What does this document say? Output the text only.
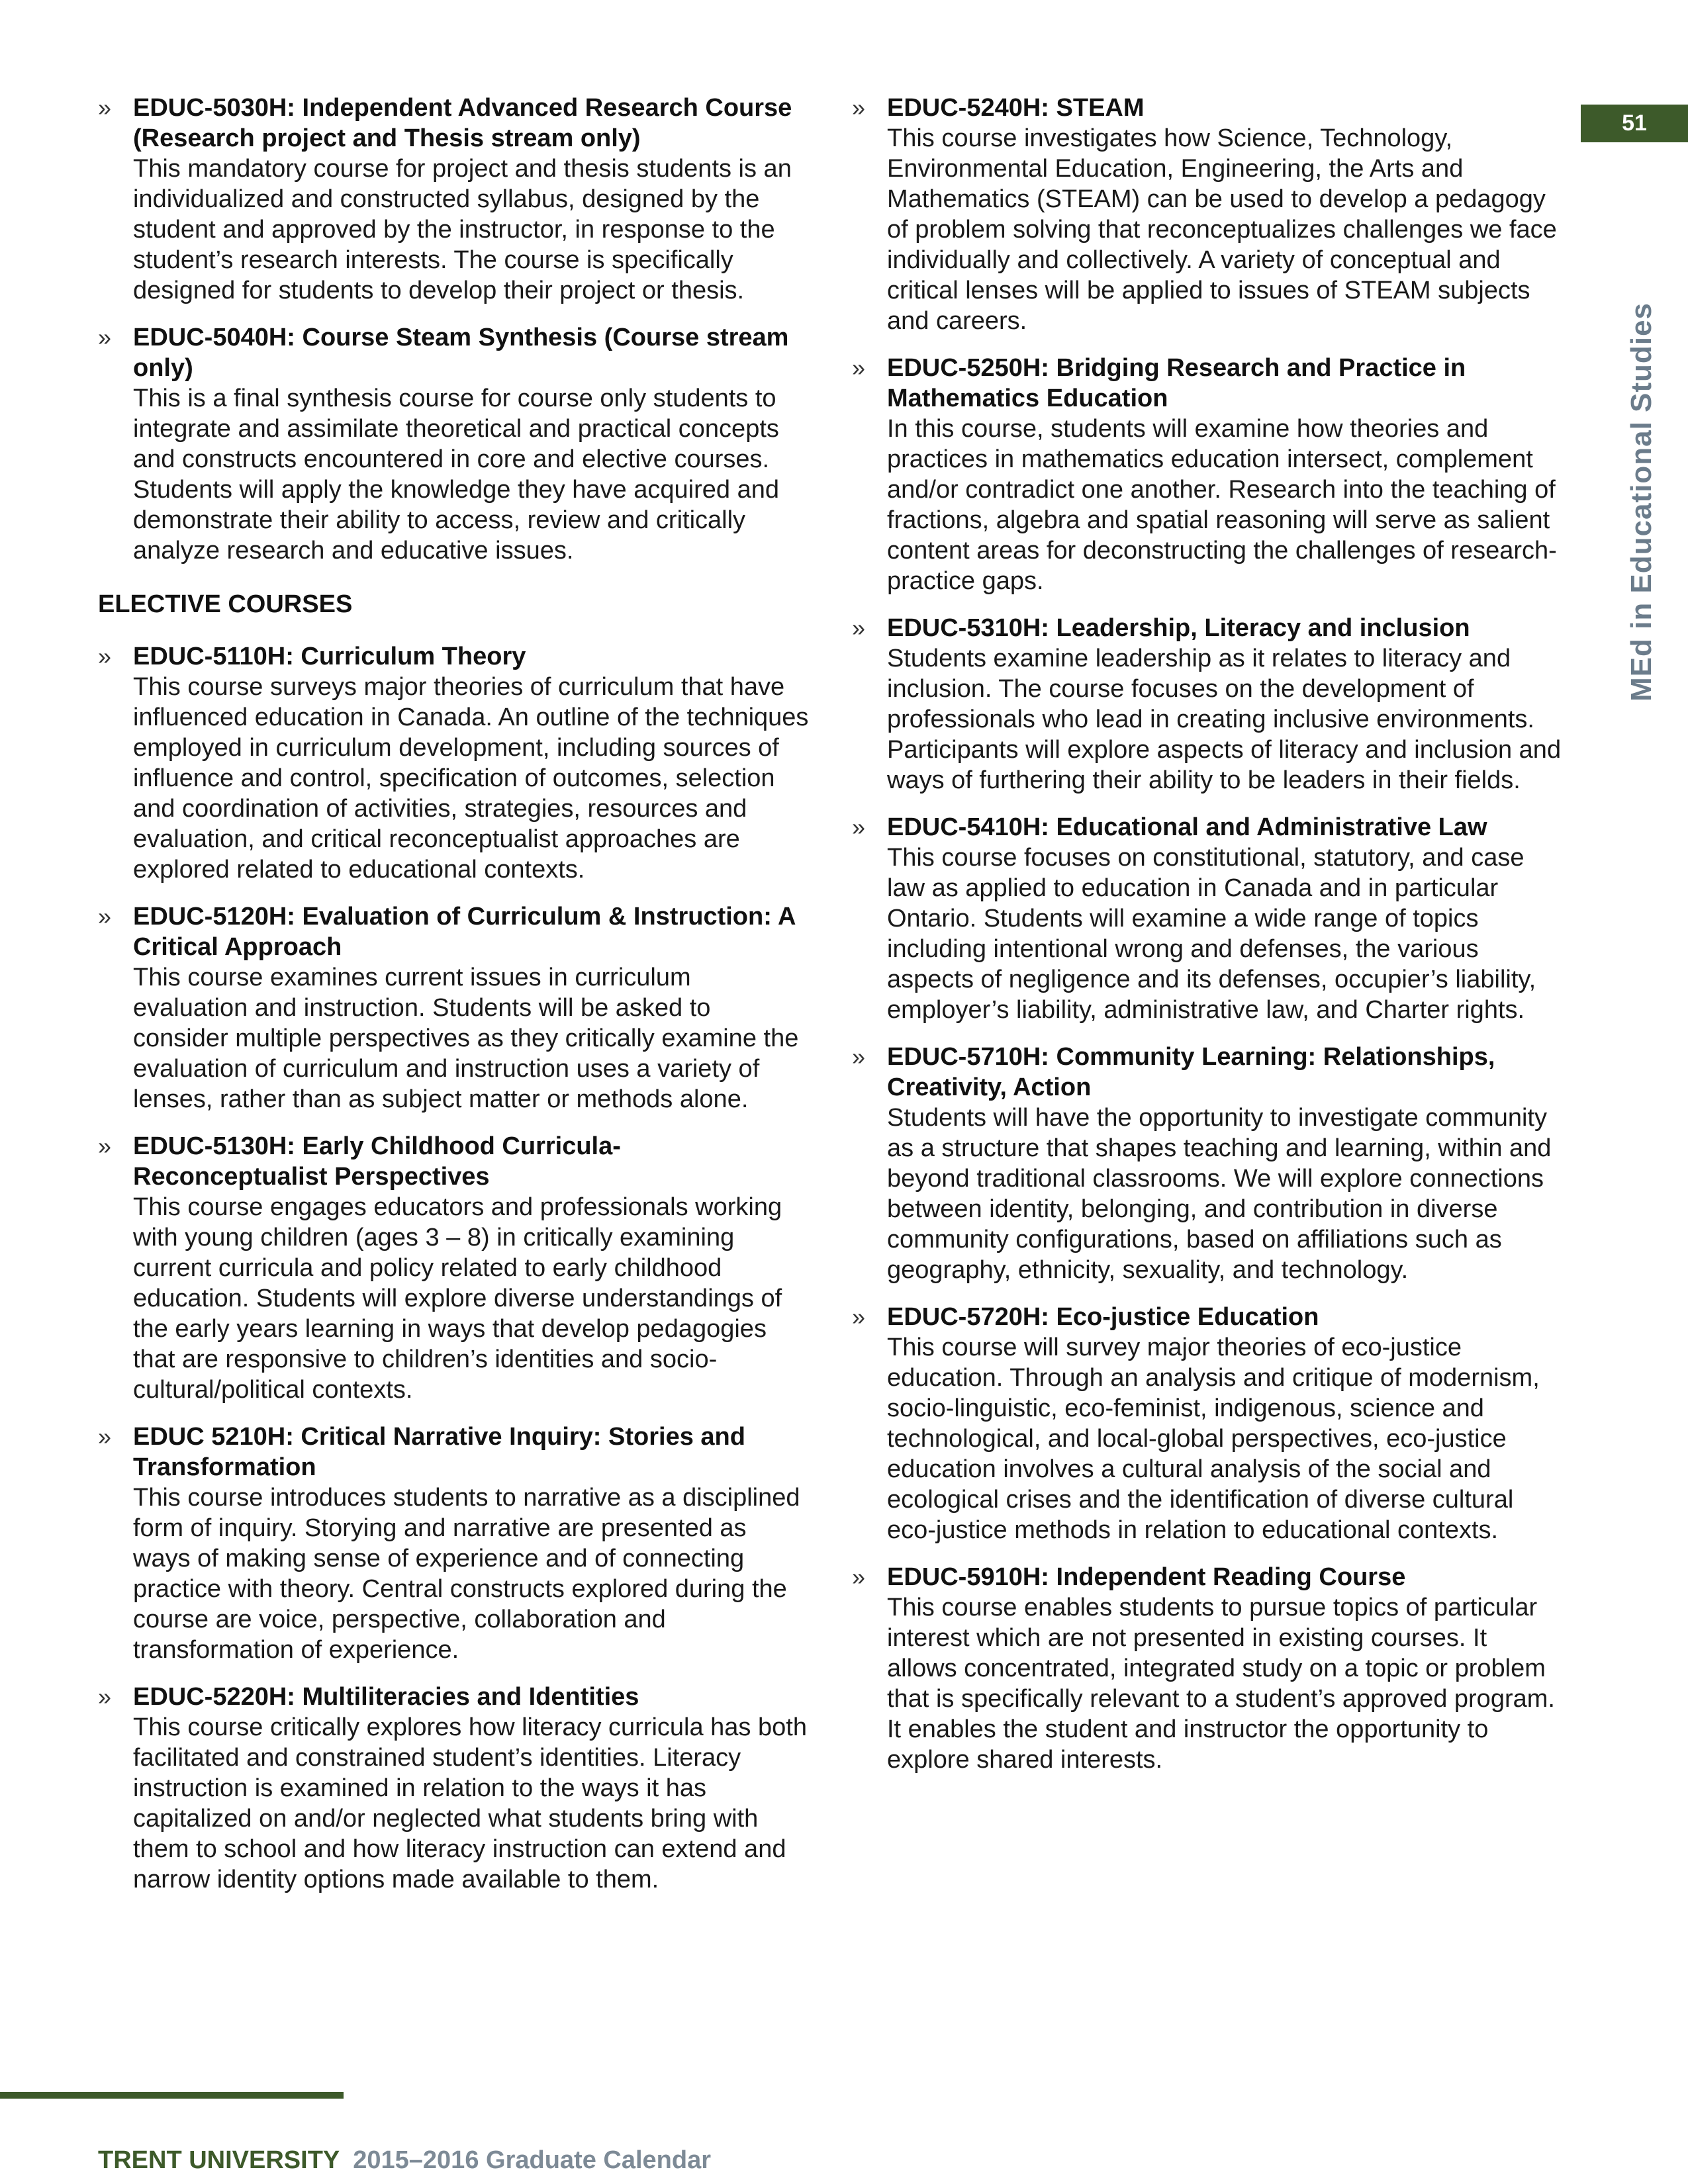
51
MEd in Educational Studies
» EDUC-5030H: Independent Advanced Research Course (Research project and Thesis stream only)
This mandatory course for project and thesis students is an individualized and constructed syllabus, designed by the student and approved by the instructor, in response to the student’s research interests. The course is specifically designed for students to develop their project or thesis.
» EDUC-5040H: Course Steam Synthesis (Course stream only)
This is a final synthesis course for course only students to integrate and assimilate theoretical and practical concepts and constructs encountered in core and elective courses. Students will apply the knowledge they have acquired and demonstrate their ability to access, review and critically analyze research and educative issues.
ELECTIVE COURSES
» EDUC-5110H: Curriculum Theory
This course surveys major theories of curriculum that have influenced education in Canada. An outline of the techniques employed in curriculum development, including sources of influence and control, specification of outcomes, selection and coordination of activities, strategies, resources and evaluation, and critical reconceptualist approaches are explored related to educational contexts.
» EDUC-5120H: Evaluation of Curriculum & Instruction: A Critical Approach
This course examines current issues in curriculum evaluation and instruction. Students will be asked to consider multiple perspectives as they critically examine the evaluation of curriculum and instruction uses a variety of lenses, rather than as subject matter or methods alone.
» EDUC-5130H: Early Childhood Curricula-Reconceptualist Perspectives
This course engages educators and professionals working with young children (ages 3 – 8) in critically examining current curricula and policy related to early childhood education. Students will explore diverse understandings of the early years learning in ways that develop pedagogies that are responsive to children’s identities and socio-cultural/political contexts.
» EDUC 5210H: Critical Narrative Inquiry: Stories and Transformation
This course introduces students to narrative as a disciplined form of inquiry. Storying and narrative are presented as ways of making sense of experience and of connecting practice with theory. Central constructs explored during the course are voice, perspective, collaboration and transformation of experience.
» EDUC-5220H: Multiliteracies and Identities
This course critically explores how literacy curricula has both facilitated and constrained student’s identities. Literacy instruction is examined in relation to the ways it has capitalized on and/or neglected what students bring with them to school and how literacy instruction can extend and narrow identity options made available to them.
» EDUC-5240H: STEAM
This course investigates how Science, Technology, Environmental Education, Engineering, the Arts and Mathematics (STEAM) can be used to develop a pedagogy of problem solving that reconceptualizes challenges we face individually and collectively. A variety of conceptual and critical lenses will be applied to issues of STEAM subjects and careers.
» EDUC-5250H: Bridging Research and Practice in Mathematics Education
In this course, students will examine how theories and practices in mathematics education intersect, complement and/or contradict one another. Research into the teaching of fractions, algebra and spatial reasoning will serve as salient content areas for deconstructing the challenges of research-practice gaps.
» EDUC-5310H: Leadership, Literacy and inclusion
Students examine leadership as it relates to literacy and inclusion. The course focuses on the development of professionals who lead in creating inclusive environments. Participants will explore aspects of literacy and inclusion and ways of furthering their ability to be leaders in their fields.
» EDUC-5410H: Educational and Administrative Law
This course focuses on constitutional, statutory, and case law as applied to education in Canada and in particular Ontario. Students will examine a wide range of topics including intentional wrong and defenses, the various aspects of negligence and its defenses, occupier’s liability, employer’s liability, administrative law, and Charter rights.
» EDUC-5710H: Community Learning: Relationships, Creativity, Action
Students will have the opportunity to investigate community as a structure that shapes teaching and learning, within and beyond traditional classrooms. We will explore connections between identity, belonging, and contribution in diverse community configurations, based on affiliations such as geography, ethnicity, sexuality, and technology.
» EDUC-5720H: Eco-justice Education
This course will survey major theories of eco-justice education. Through an analysis and critique of modernism, socio-linguistic, eco-feminist, indigenous, science and technological, and local-global perspectives, eco-justice education involves a cultural analysis of the social and ecological crises and the identification of diverse cultural eco-justice methods in relation to educational contexts.
» EDUC-5910H: Independent Reading Course
This course enables students to pursue topics of particular interest which are not presented in existing courses. It allows concentrated, integrated study on a topic or problem that is specifically relevant to a student’s approved program. It enables the student and instructor the opportunity to explore shared interests.
TRENT UNIVERSITY 2015–2016 Graduate Calendar
